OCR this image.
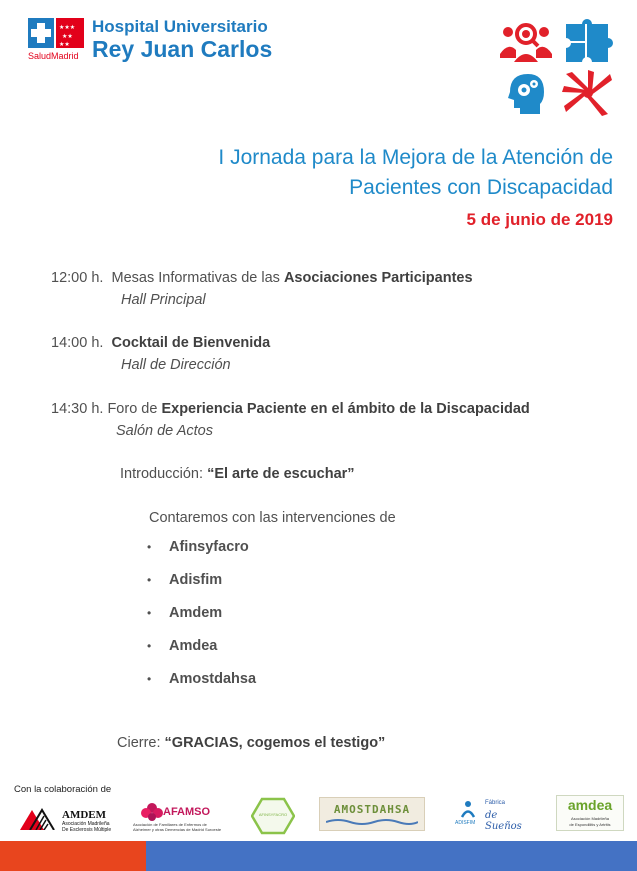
★★★
★★
★★
SaludMadrid
Hospital Universitario
Rey Juan Carlos
I Jornada para la Mejora de la Atención de
Pacientes con Discapacidad
5 de junio de 2019
12:00 h. Mesas Informativas de las Asociaciones Participantes
Hall Principal
14:00 h. Cocktail de Bienvenida
Hall de Dirección
14:30 h. Foro de Experiencia Paciente en el ámbito de la Discapacidad
Salón de Actos
Introducción: “El arte de escuchar”
Contaremos con las intervenciones de
• Afinsyfacro
• Adisfim
• Amdem
• Amdea
• Amostdahsa
Cierre: “GRACIAS, cogemos el testigo”
Con la colaboración de
AMDEM
Asociación Madrileña
De Esclerosis Múltiple
AFAMSO
Asociación de Familiares de Enfermos de
Alzheimer y otras Demencias de Madrid Suroeste
AFINSYFACRO	AMOSTDAHSA
ADISFIM
Fábrica
de Sueños
amdea
Asociación Madrileña
de Espondilitis y Artritis
